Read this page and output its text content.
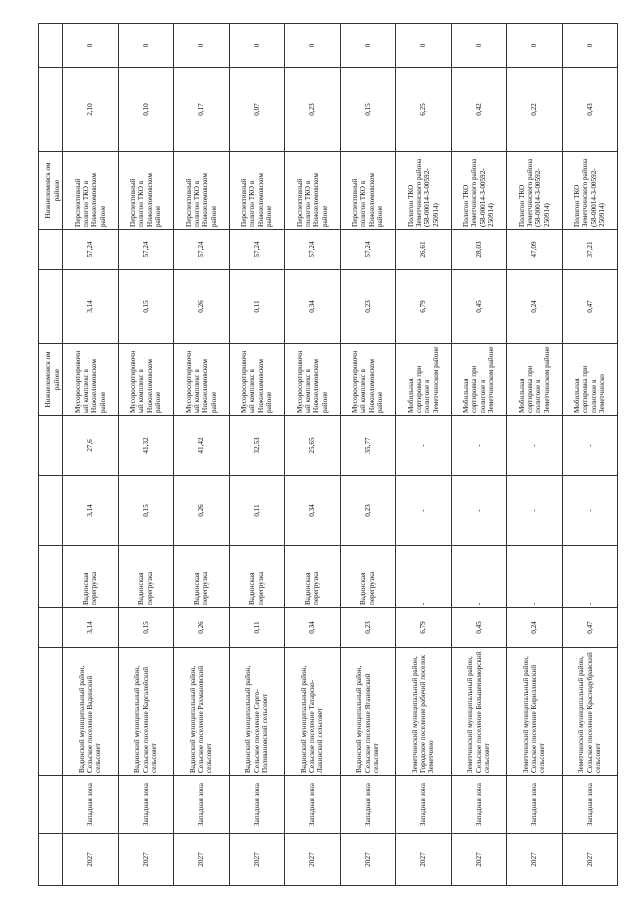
							Нижнеломовск ом районе			Нижнеломовск ом районе		
2027	Западная зона	Вадинский муниципальный район, Сельское поселение Вадинский сельсовет	3,14	Вадинская перегрузка	3,14	27,6	Мусоросортировочный комплекс в Нижнеломовском районе	3,14	57,24	Перспективный полигон ТКО в Нижнеломовском районе	2,10	0
2027	Западная зона	Вадинский муниципальный район, Сельское поселение Каргалейский сельсовет	0,15	Вадинская перегрузка	0,15	41,32	Мусоросортировочный комплекс в Нижнеломовском районе	0,15	57,24	Перспективный полигон ТКО в Нижнеломовском районе	0,10	0
2027	Западная зона	Вадинский муниципальный район, Сельское поселение Рахмановский сельсовет	0,26	Вадинская перегрузка	0,26	41,42	Мусоросортировочный комплекс в Нижнеломовском районе	0,26	57,24	Перспективный полигон ТКО в Нижнеломовском районе	0,17	0
2027	Западная зона	Вадинский муниципальный район, Сельское поселение Серго-Поливановский сельсовет	0,11	Вадинская перегрузка	0,11	32,53	Мусоросортировочный комплекс в Нижнеломовском районе	0,11	57,24	Перспективный полигон ТКО в Нижнеломовском районе	0,07	0
2027	Западная зона	Вадинский муниципальный район, Сельское поселение Татарско-Лакинский сельсовет	0,34	Вадинская перегрузка	0,34	25,65	Мусоросортировочный комплекс в Нижнеломовском районе	0,34	57,24	Перспективный полигон ТКО в Нижнеломовском районе	0,23	0
2027	Западная зона	Вадинский муниципальный район, Сельское поселение Ягановский сельсовет	0,23	Вадинская перегрузка	0,23	35,77	Мусоросортировочный комплекс в Нижнеломовском районе	0,23	57,24	Перспективный полигон ТКО в Нижнеломовском районе	0,15	0
2027	Западная зона	Земетчинский муниципальный район, Городское поселение рабочий поселок Земетчино	6,79	-	-	-	Мобильная сортировка при полигоне в Земетчинском районе	6,79	26,61	Полигон ТКО Земетчинского района (58-00014-З-00592-250914)	6,25	0
2027	Западная зона	Земетчинский муниципальный район, Сельское поселение Большеижморский сельсовет	0,45	-	-	-	Мобильная сортировка при полигоне в Земетчинском районе	0,45	28,03	Полигон ТКО Земетчинского района (58-00014-З-00592-250914)	0,42	0
2027	Западная зона	Земетчинский муниципальный район, Сельское поселение Кирилловский сельсовет	0,24	-	-	-	Мобильная сортировка при полигоне в Земетчинском районе	0,24	47,09	Полигон ТКО Земетчинского района (58-00014-З-00592-250914)	0,22	0
2027	Западная зона	Земетчинский муниципальный район, Сельское поселение Краснодубравский сельсовет	0,47	-	-	-	Мобильная сортировка при полигоне в Земетчинско	0,47	37,21	Полигон ТКО Земетчинского района (58-00014-З-00592-250914)	0,43	0
